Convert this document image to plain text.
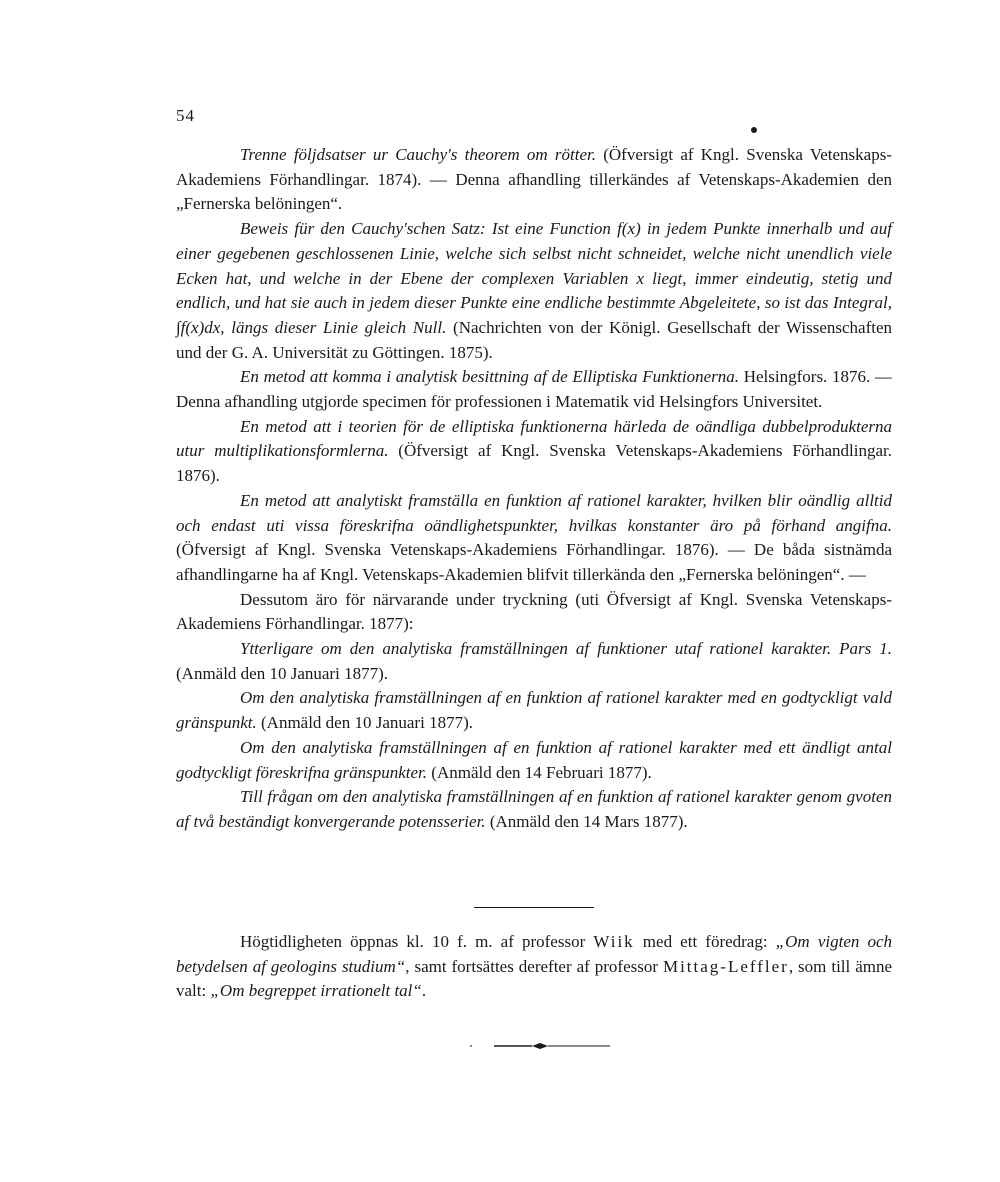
54

Trenne följdsatser ur Cauchy's theorem om rötter. (Öfversigt af Kngl. Svenska Vetenskaps-Akademiens Förhandlingar. 1874). — Denna afhandling tillerkändes af Vetenskaps-Akademien den „Fernerska belöningen“.

Beweis für den Cauchy'schen Satz: Ist eine Function f(x) in jedem Punkte innerhalb und auf einer gegebenen geschlossenen Linie, welche sich selbst nicht schneidet, welche nicht unendlich viele Ecken hat, und welche in der Ebene der complexen Variablen x liegt, immer eindeutig, stetig und endlich, und hat sie auch in jedem dieser Punkte eine endliche bestimmte Abgeleitete, so ist das Integral, ∫f(x)dx, längs dieser Linie gleich Null. (Nachrichten von der Königl. Gesellschaft der Wissenschaften und der G. A. Universität zu Göttingen. 1875).

En metod att komma i analytisk besittning af de Elliptiska Funktionerna. Helsingfors. 1876. — Denna afhandling utgjorde specimen för professionen i Matematik vid Helsingfors Universitet.

En metod att i teorien för de elliptiska funktionerna härleda de oändliga dubbelprodukterna utur multiplikationsformlerna. (Öfversigt af Kngl. Svenska Vetenskaps-Akademiens Förhandlingar. 1876).

En metod att analytiskt framställa en funktion af rationel karakter, hvilken blir oändlig alltid och endast uti vissa föreskrifna oändlighetspunkter, hvilkas konstanter äro på förhand angifna. (Öfversigt af Kngl. Svenska Vetenskaps-Akademiens Förhandlingar. 1876). — De båda sistnämda afhandlingarne ha af Kngl. Vetenskaps-Akademien blifvit tillerkända den „Fernerska belöningen“. —

Dessutom äro för närvarande under tryckning (uti Öfversigt af Kngl. Svenska Vetenskaps-Akademiens Förhandlingar. 1877):

Ytterligare om den analytiska framställningen af funktioner utaf rationel karakter. Pars 1. (Anmäld den 10 Januari 1877).

Om den analytiska framställningen af en funktion af rationel karakter med en godtyckligt vald gränspunkt. (Anmäld den 10 Januari 1877).

Om den analytiska framställningen af en funktion af rationel karakter med ett ändligt antal godtyckligt föreskrifna gränspunkter. (Anmäld den 14 Februari 1877).

Till frågan om den analytiska framställningen af en funktion af rationel karakter genom gvoten af två beständigt konvergerande potensserier. (Anmäld den 14 Mars 1877).

Högtidligheten öppnas kl. 10 f. m. af professor Wiik med ett föredrag: „Om vigten och betydelsen af geologins studium“, samt fortsättes derefter af professor Mittag-Leffler, som till ämne valt: „Om begreppet irrationelt tal“.
